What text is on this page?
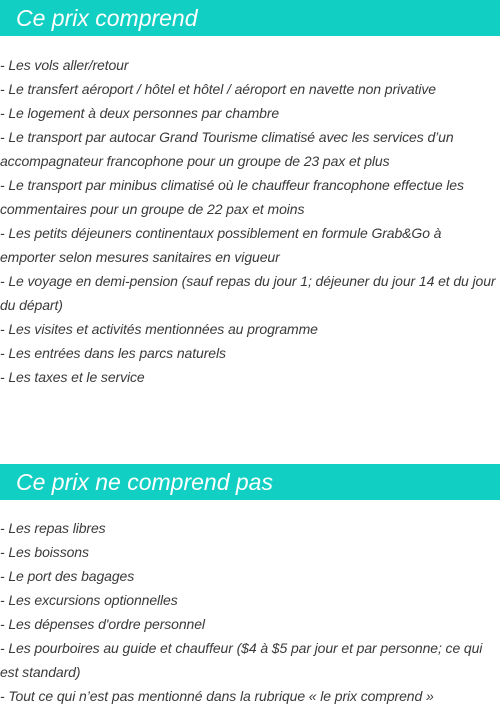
Ce prix comprend
- Les vols aller/retour
- Le transfert aéroport / hôtel et hôtel / aéroport en navette non privative
- Le logement à deux personnes par chambre
- Le transport par autocar Grand Tourisme climatisé avec les services d’un accompagnateur francophone pour un groupe de 23 pax et plus
- Le transport par minibus climatisé où le chauffeur francophone effectue les commentaires pour un groupe de 22 pax et moins
- Les petits déjeuners continentaux possiblement en formule Grab&Go à emporter selon mesures sanitaires en vigueur
- Le voyage en demi-pension (sauf repas du jour 1; déjeuner du jour 14 et du jour du départ)
- Les visites et activités mentionnées au programme
- Les entrées dans les parcs naturels
- Les taxes et le service
Ce prix ne comprend pas
- Les repas libres
- Les boissons
- Le port des bagages
- Les excursions optionnelles
- Les dépenses d'ordre personnel
- Les pourboires au guide et chauffeur ($4 à $5 par jour et par personne; ce qui est standard)
- Tout ce qui n’est pas mentionné dans la rubrique « le prix comprend »
